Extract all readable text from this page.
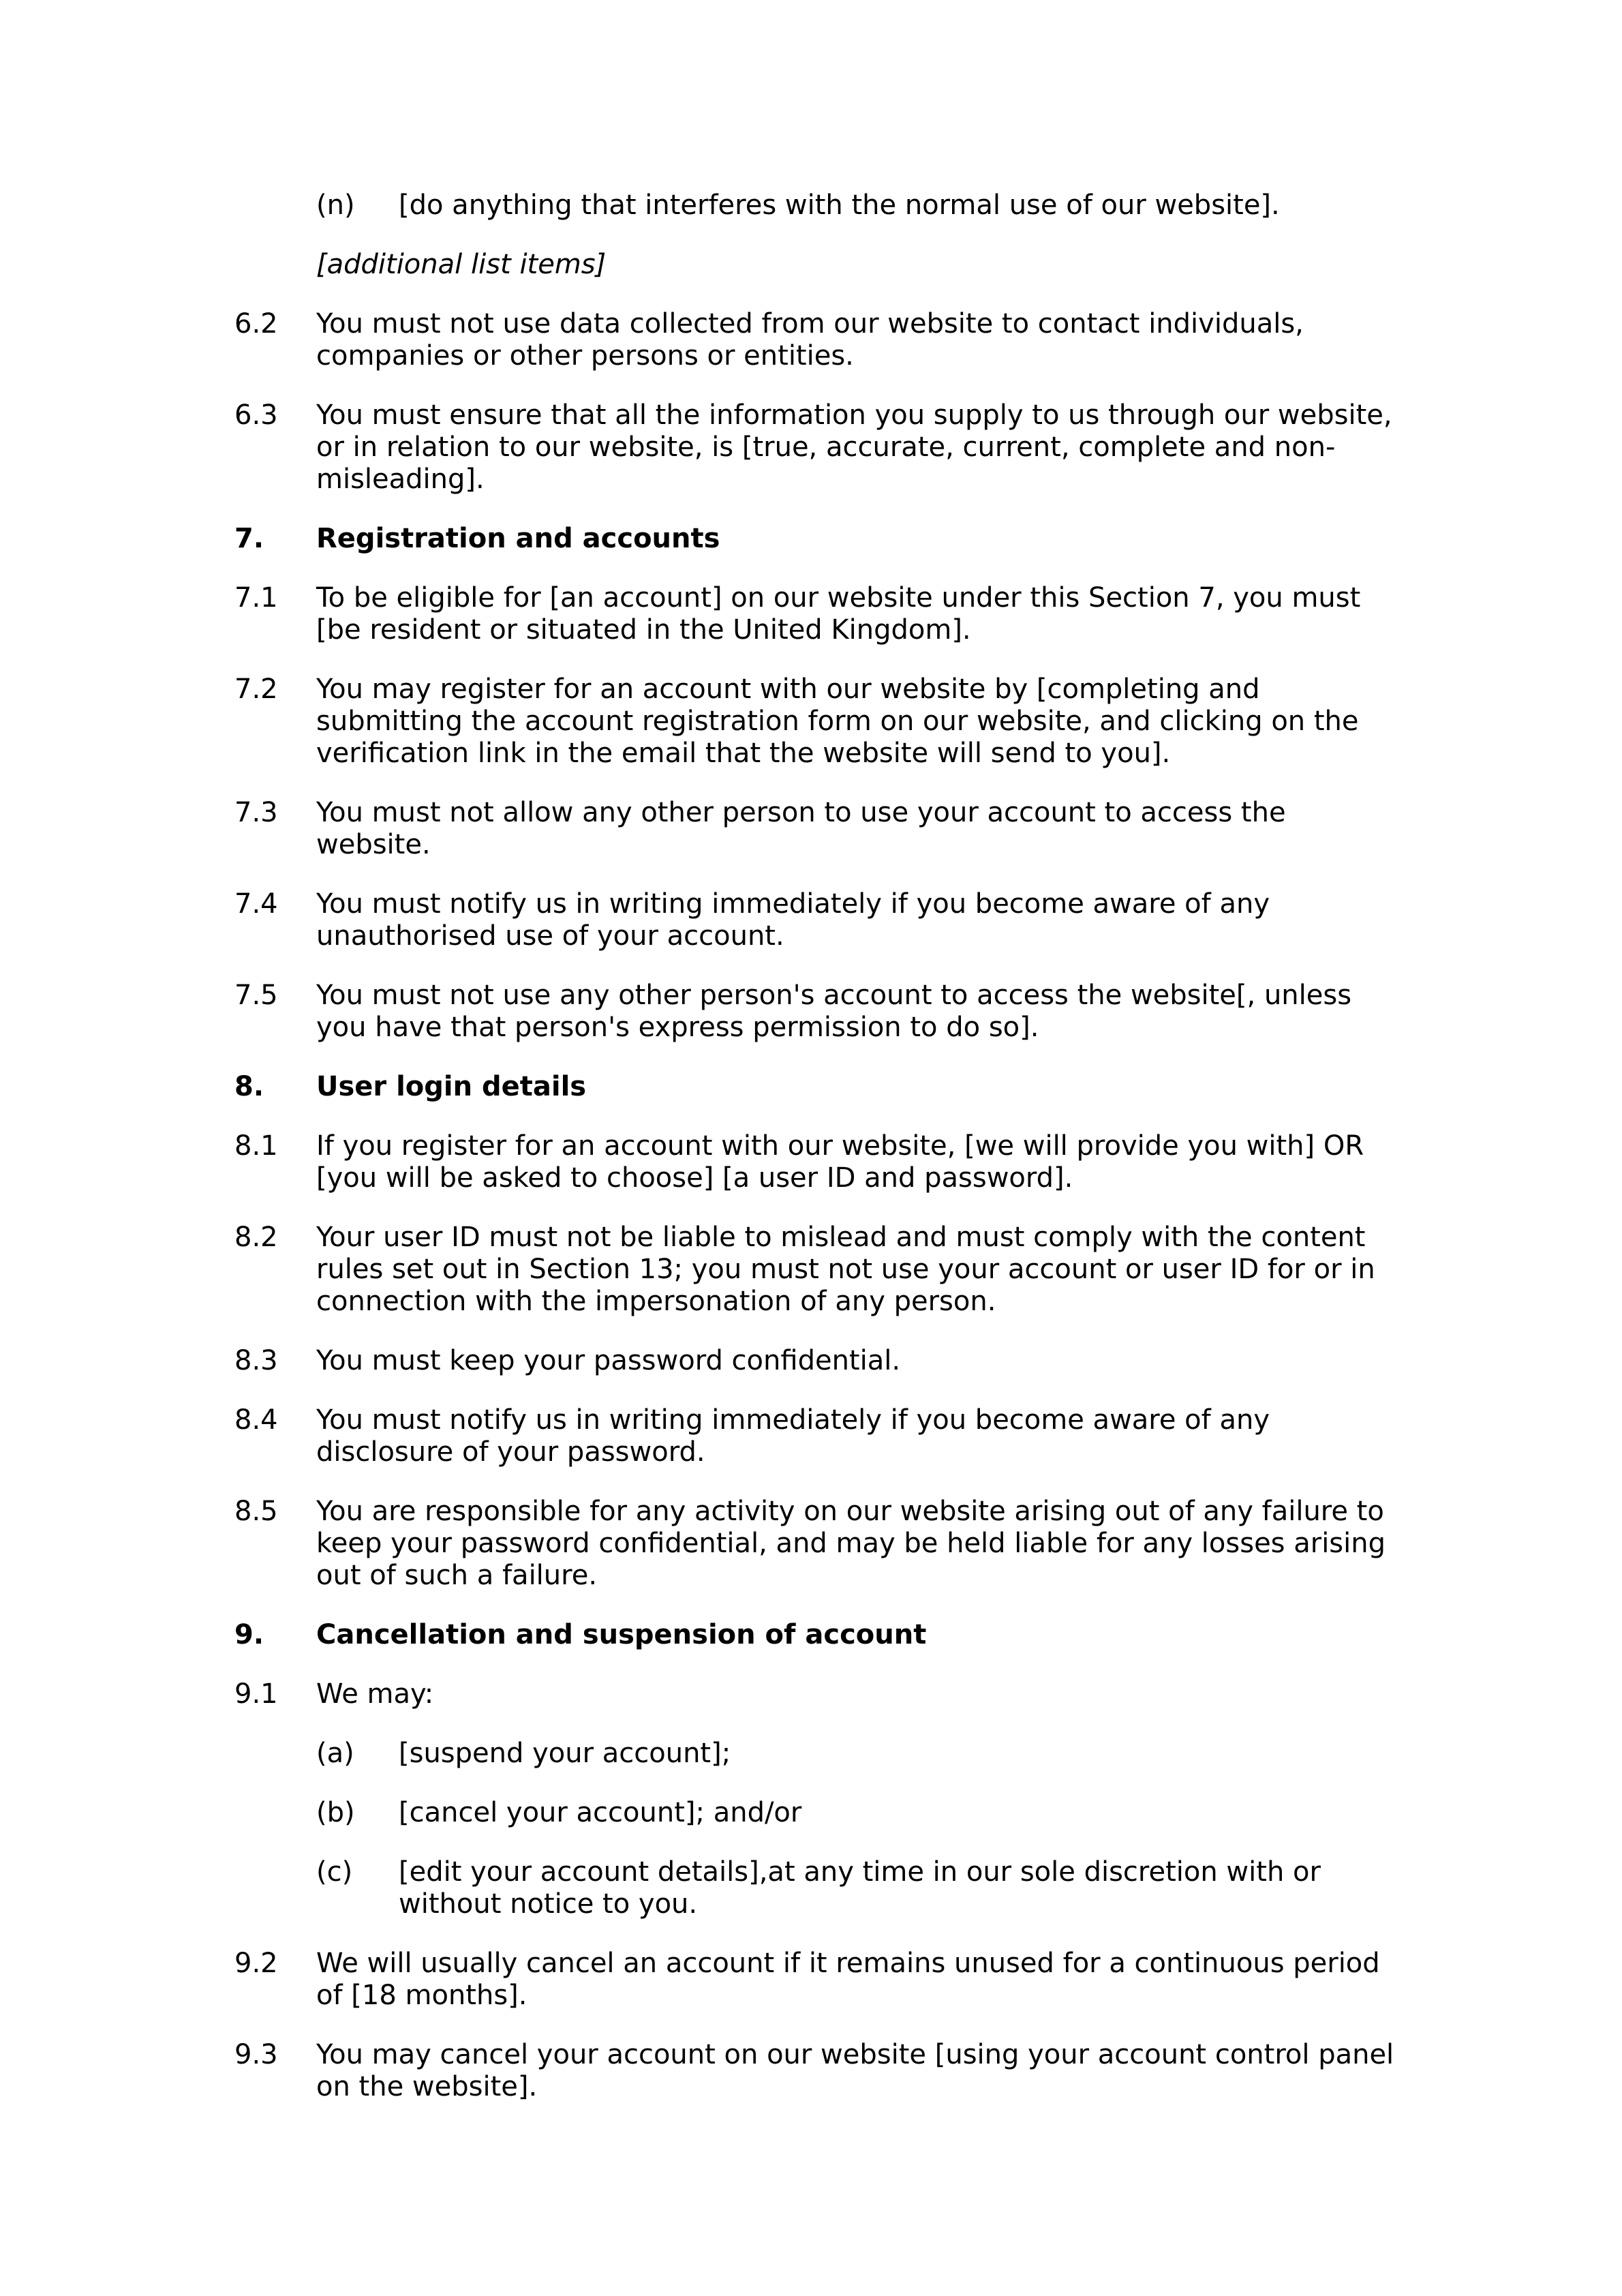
(n)	[do anything that interferes with the normal use of our website].
[additional list items]
6.2	You must not use data collected from our website to contact individuals, companies or other persons or entities.
6.3	You must ensure that all the information you supply to us through our website, or in relation to our website, is [true, accurate, current, complete and non-misleading].
7.	Registration and accounts
7.1	To be eligible for [an account] on our website under this Section 7, you must [be resident or situated in the United Kingdom].
7.2	You may register for an account with our website by [completing and submitting the account registration form on our website, and clicking on the verification link in the email that the website will send to you].
7.3	You must not allow any other person to use your account to access the website.
7.4	You must notify us in writing immediately if you become aware of any unauthorised use of your account.
7.5	You must not use any other person's account to access the website[, unless you have that person's express permission to do so].
8.	User login details
8.1	If you register for an account with our website, [we will provide you with] OR [you will be asked to choose] [a user ID and password].
8.2	Your user ID must not be liable to mislead and must comply with the content rules set out in Section 13; you must not use your account or user ID for or in connection with the impersonation of any person.
8.3	You must keep your password confidential.
8.4	You must notify us in writing immediately if you become aware of any disclosure of your password.
8.5	You are responsible for any activity on our website arising out of any failure to keep your password confidential, and may be held liable for any losses arising out of such a failure.
9.	Cancellation and suspension of account
9.1	We may:
(a)	[suspend your account];
(b)	[cancel your account]; and/or
(c)	[edit your account details],at any time in our sole discretion with or without notice to you.
9.2	We will usually cancel an account if it remains unused for a continuous period of [18 months].
9.3	You may cancel your account on our website [using your account control panel on the website].
